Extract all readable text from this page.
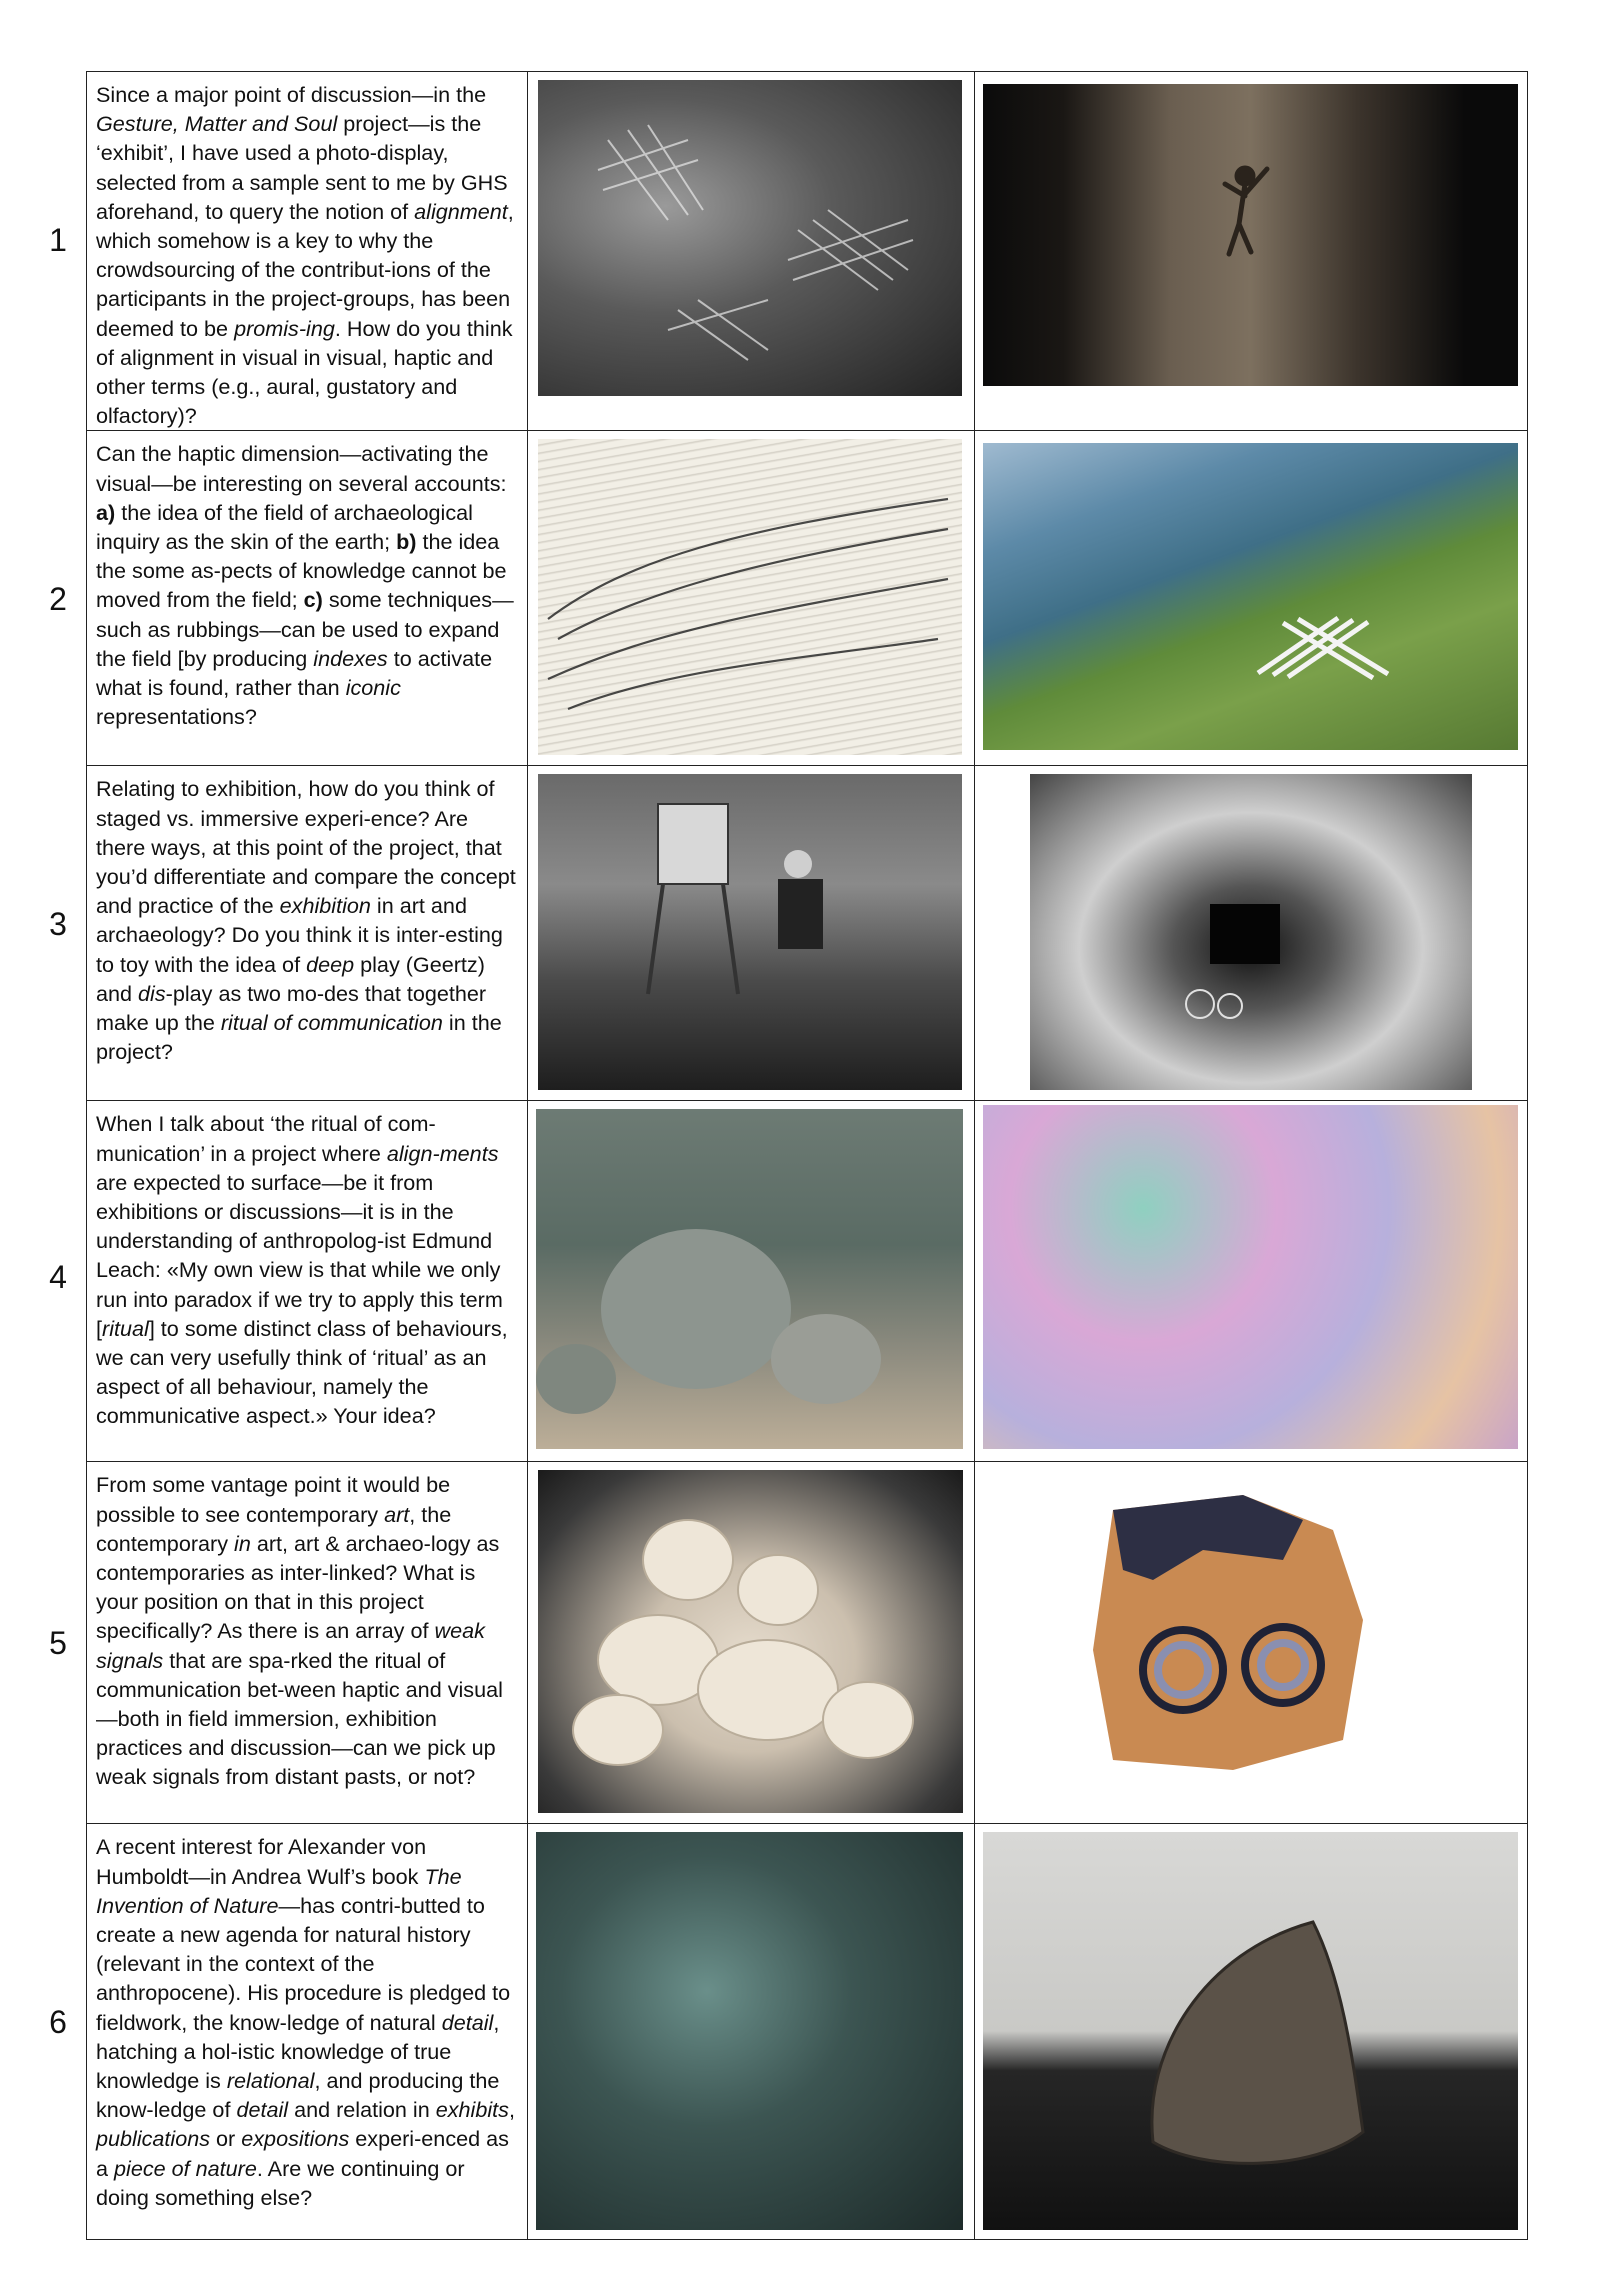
1
Since a major point of discussion—in the Gesture, Matter and Soul project—is the ‘exhibit’, I have used a photo-display, selected from a sample sent to me by GHS aforehand, to query the notion of alignment, which somehow is a key to why the crowdsourcing of the contribut-ions of the participants in the project-groups, has been deemed to be promis-ing. How do you think of alignment in visual in visual, haptic and other terms (e.g., aural, gustatory and olfactory)?

2
Can the haptic dimension—activating the visual—be interesting on several accounts: a) the idea of the field of archaeological inquiry as the skin of the earth; b) the idea the some as-pects of knowledge cannot be moved from the field; c) some techniques—such as rubbings—can be used to expand the field [by producing indexes to activate what is found, rather than iconic representations?

3
Relating to exhibition, how do you think of staged vs. immersive experi-ence? Are there ways, at this point of the project, that you’d differentiate and compare the concept and practice of the exhibition in art and archaeology? Do you think it is inter-esting to toy with the idea of deep play (Geertz) and dis-play as two mo-des that together make up the ritual of communication in the project?

4
When I talk about ‘the ritual of com-munication’ in a project where align-ments are expected to surface—be it from exhibitions or discussions—it is in the understanding of anthropolog-ist Edmund Leach: «My own view is that while we only run into paradox if we try to apply this term [ritual] to some distinct class of behaviours, we can very usefully think of ‘ritual’ as an aspect of all behaviour, namely the communicative aspect.» Your idea?

5
From some vantage point it would be possible to see contemporary art, the contemporary in art, art & archaeo-logy as contemporaries as inter-linked? What is your position on that in this project specifically? As there is an array of weak signals that are spa-rked the ritual of communication bet-ween haptic and visual—both in field immersion, exhibition practices and discussion—can we pick up weak signals from distant pasts, or not?

6
A recent interest for Alexander von Humboldt—in Andrea Wulf’s book The Invention of Nature—has contri-butted to create a new agenda for natural history (relevant in the context of the anthropocene). His procedure is pledged to fieldwork, the know-ledge of natural detail, hatching a hol-istic knowledge of true knowledge is relational, and producing the know-ledge of detail and relation in exhibits, publications or expositions experi-enced as a piece of nature. Are we continuing or doing something else?
